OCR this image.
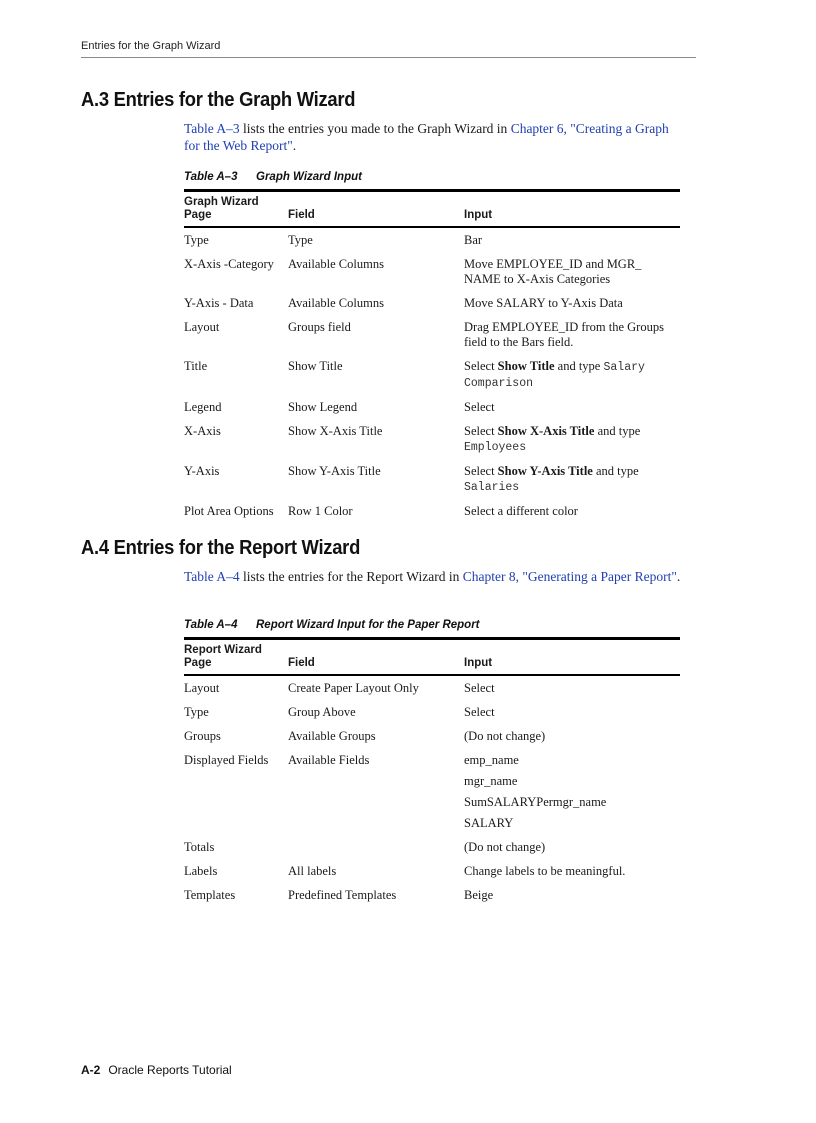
Entries for the Graph Wizard
A.3 Entries for the Graph Wizard

Table A–3 lists the entries you made to the Graph Wizard in Chapter 6, "Creating a Graph for the Web Report".

Table A–3 Graph Wizard Input
Graph Wizard Page	Field	Input
Type	Type	Bar
X-Axis -Category	Available Columns	Move EMPLOYEE_ID and MGR_ NAME to X-Axis Categories
Y-Axis - Data	Available Columns	Move SALARY to Y-Axis Data
Layout	Groups field	Drag EMPLOYEE_ID from the Groups field to the Bars field.
Title	Show Title	Select Show Title and type Salary Comparison
Legend	Show Legend	Select
X-Axis	Show X-Axis Title	Select Show X-Axis Title and type
Employees
Y-Axis	Show Y-Axis Title	Select Show Y-Axis Title and type
Salaries
Plot Area Options	Row 1 Color	Select a different color
A.4 Entries for the Report Wizard

Table A–4 lists the entries for the Report Wizard in Chapter 8, "Generating a Paper Report".

Table A–4 Report Wizard Input for the Paper Report
Report Wizard Page	Field	Input
Layout	Create Paper Layout Only	Select
Type	Group Above	Select
Groups	Available Groups	(Do not change)
Displayed Fields	Available Fields	emp_name
mgr_name
SumSALARYPermgr_name
SALARY

Totals		(Do not change)
Labels	All labels	Change labels to be meaningful.
Templates	Predefined Templates	Beige
A-2 Oracle Reports Tutorial
